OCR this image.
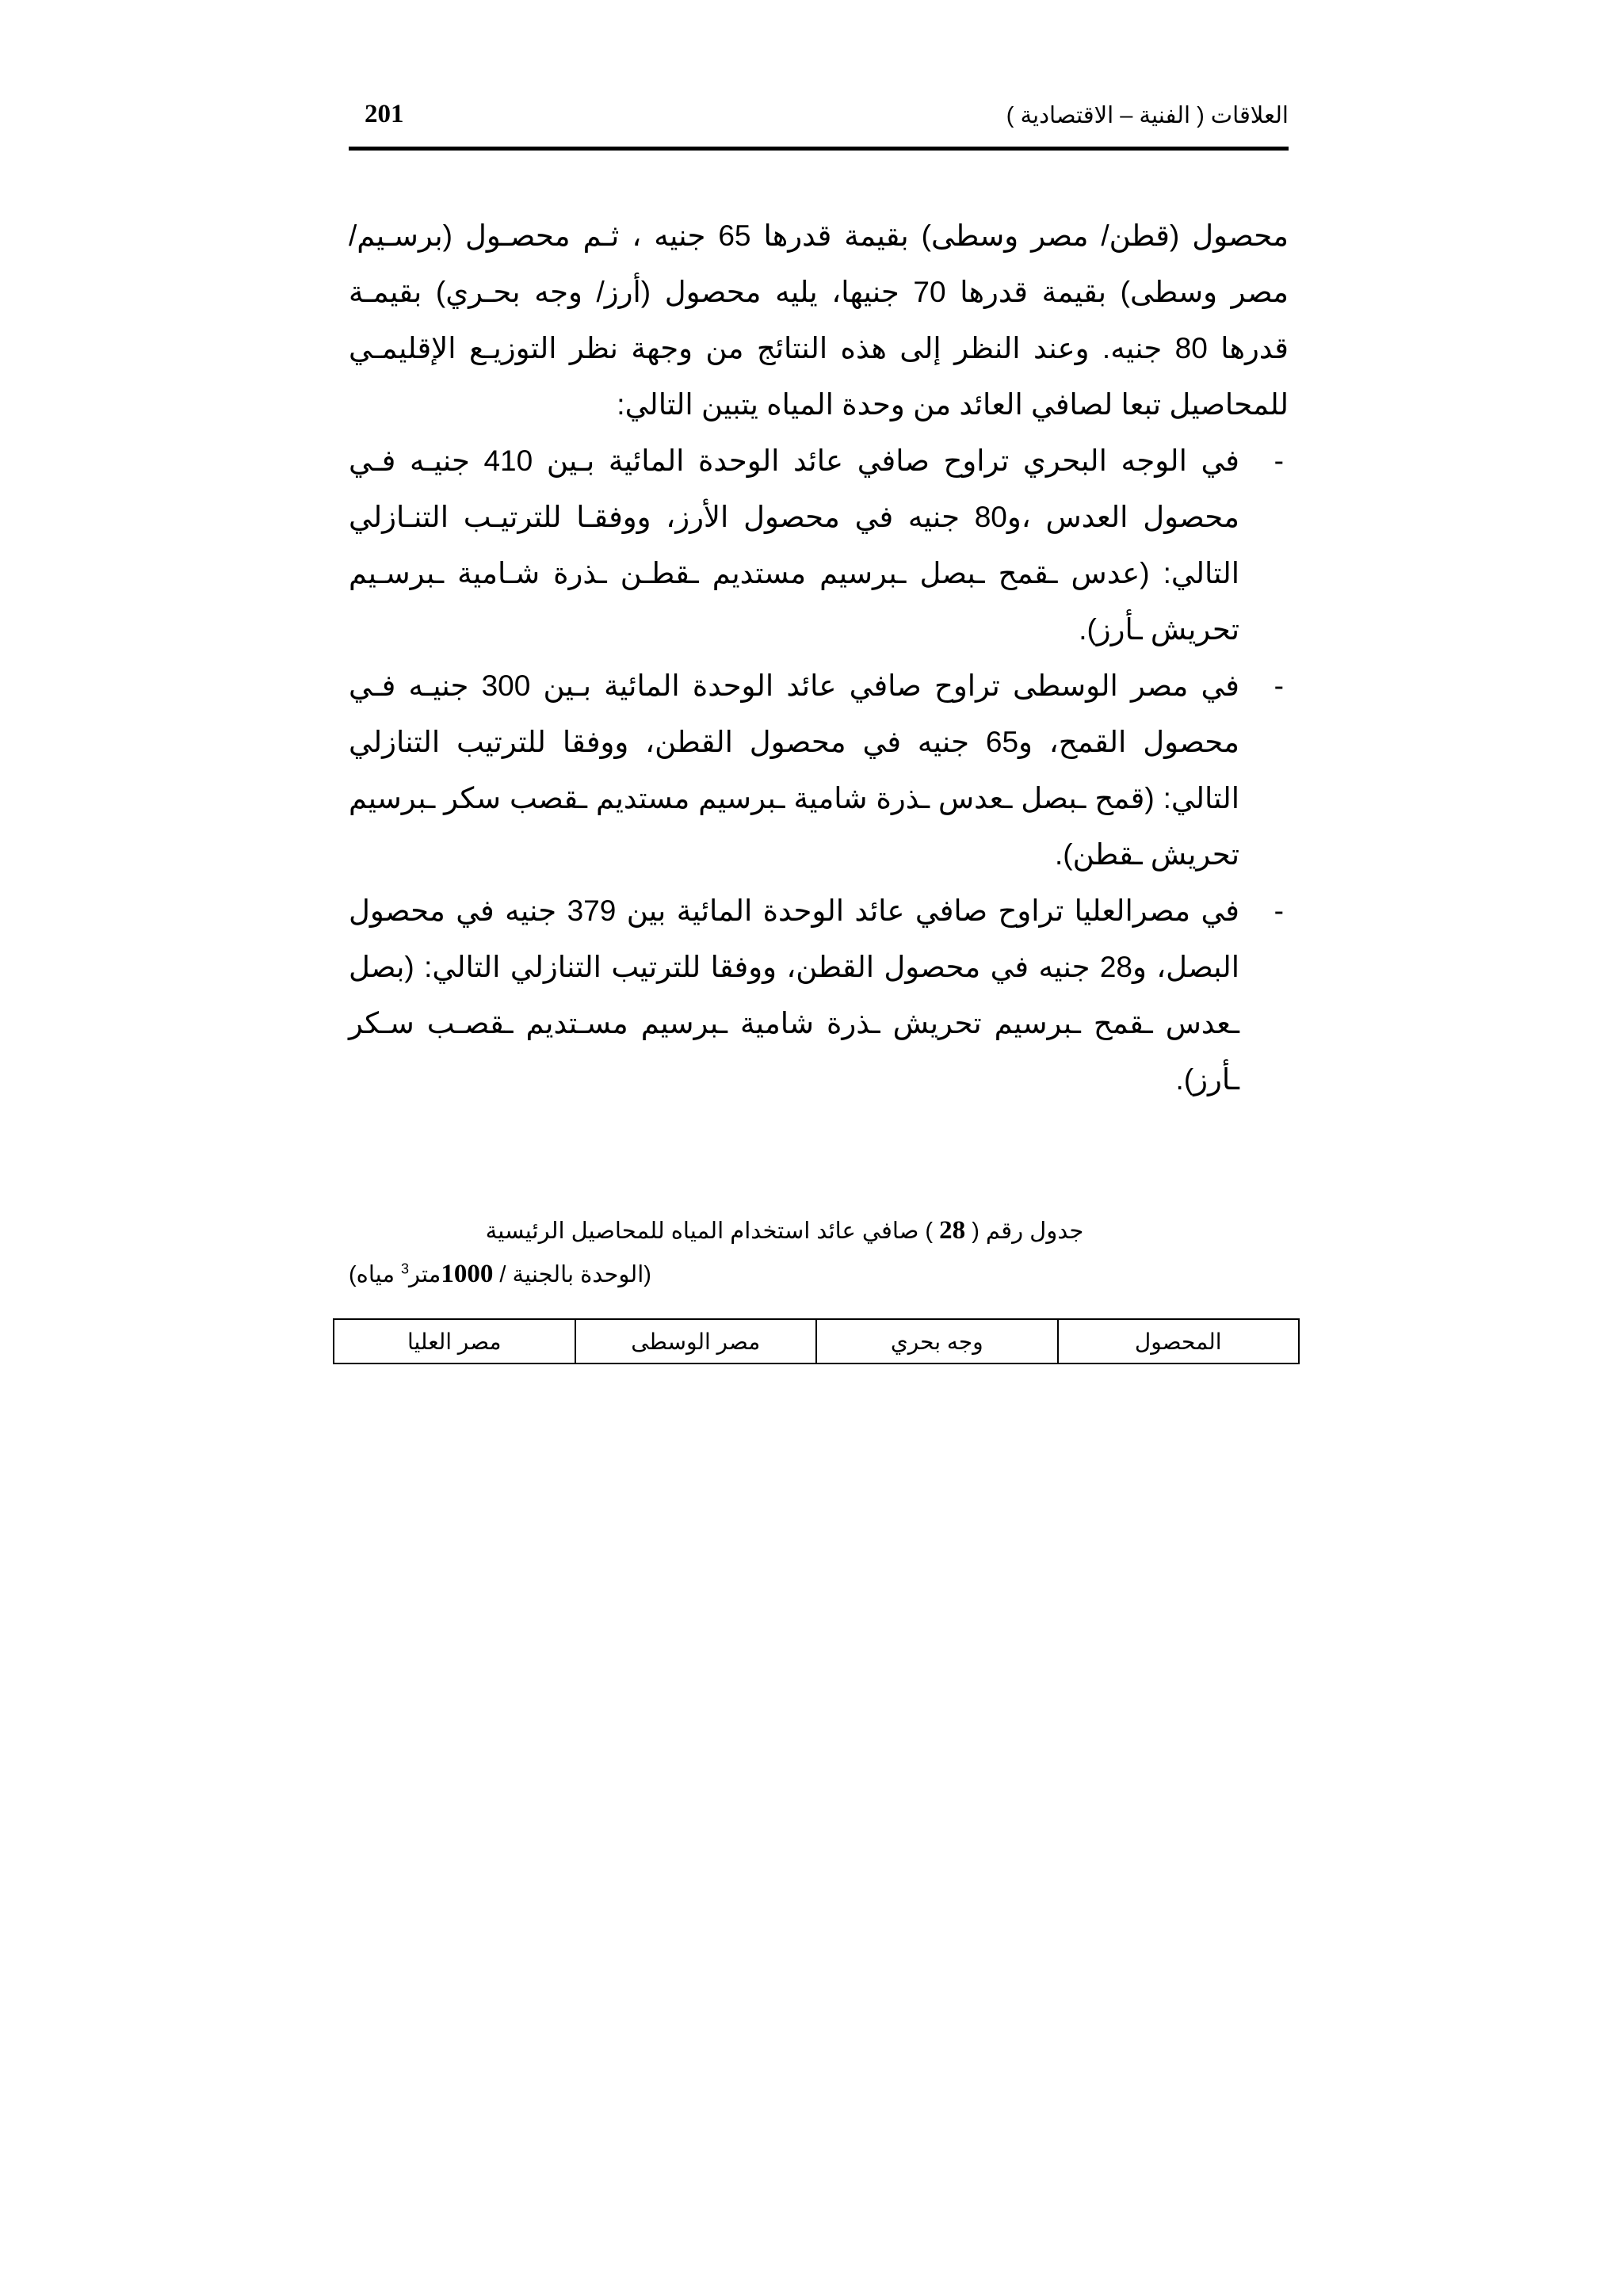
العلاقات ( الفنية – الاقتصادية )
201

محصول (قطن/ مصر وسطى) بقيمة قدرها 65 جنيه ، ثـم محصـول (برسـيم/ مصر وسطى) بقيمة قدرها 70 جنيها، يليه محصول (أرز/ وجه بحـري) بقيمـة قدرها 80 جنيه. وعند النظر إلى هذه النتائج من وجهة نظر التوزيـع الإقليمـي للمحاصيل تبعا لصافي العائد من وحدة المياه يتبين التالي:

-
في الوجه البحري تراوح صافي عائد الوحدة المائية بـين 410 جنيـه فـي محصول العدس ،و80 جنيه في محصول الأرز، ووفقـا للترتيـب التنـازلي التالي: (عدس ـقمح ـبصل ـبرسيم مستديم ـقطـن ـذرة شـامية ـبرسـيم تحريش ـأرز).
-
في مصر الوسطى تراوح صافي عائد الوحدة المائية بـين 300 جنيـه فـي محصول القمح، و65 جنيه في محصول القطن، ووفقا للترتيب التنازلي التالي: (قمح ـبصل ـعدس ـذرة شامية ـبرسيم مستديم ـقصب سكر ـبرسيم تحريش ـقطن).
-
في مصرالعليا تراوح صافي عائد الوحدة المائية بين 379 جنيه في محصول البصل، و28 جنيه في محصول القطن، ووفقا للترتيب التنازلي التالي: (بصل ـعدس ـقمح ـبرسيم تحريش ـذرة شامية ـبرسيم مسـتديم ـقصـب سـكر ـأرز).

جدول رقم ( 28 ) صافي عائد استخدام المياه للمحاصيل الرئيسية

(الوحدة بالجنية / 1000متر$^3$ مياه)

المحصول	وجه بحري	مصر الوسطى	مصر العليا
